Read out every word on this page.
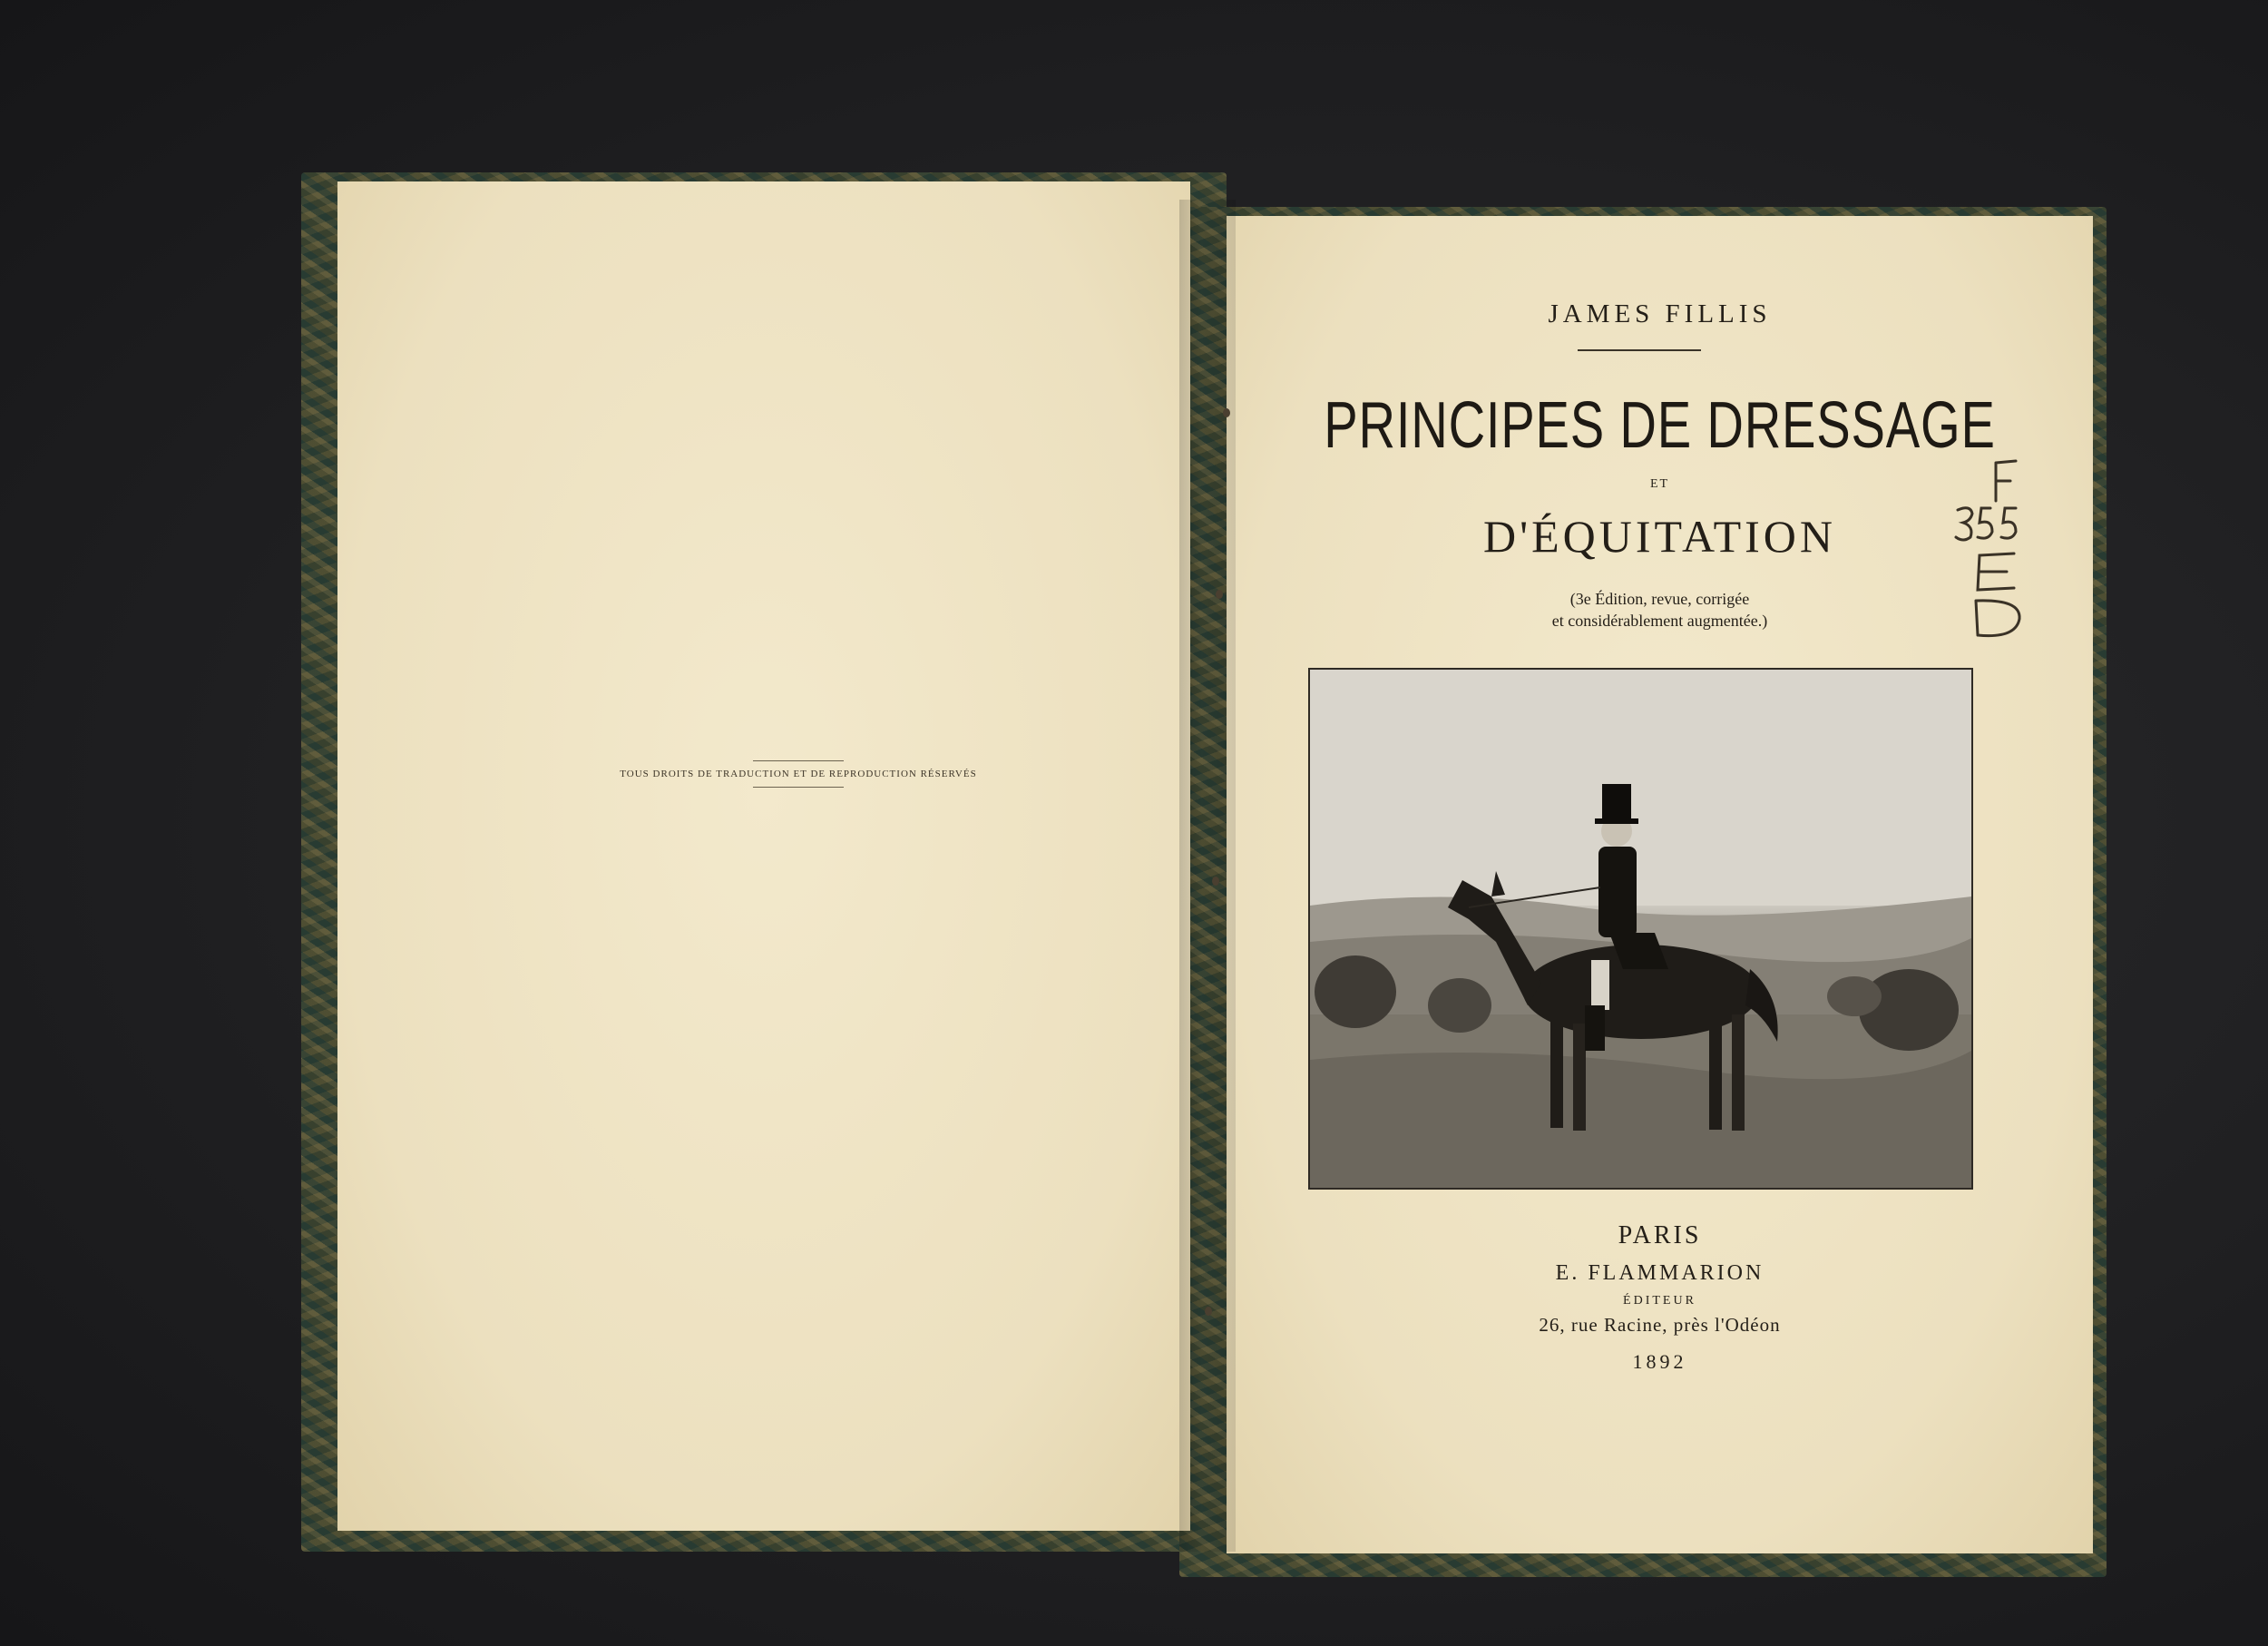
TOUS DROITS DE TRADUCTION ET DE REPRODUCTION RÉSERVÉS
JAMES FILLIS
PRINCIPES DE DRESSAGE
ET
D'ÉQUITATION
(3e Édition, revue, corrigée
et considérablement augmentée.)
PARIS
E. FLAMMARION
ÉDITEUR
26, rue Racine, près l'Odéon
1892
